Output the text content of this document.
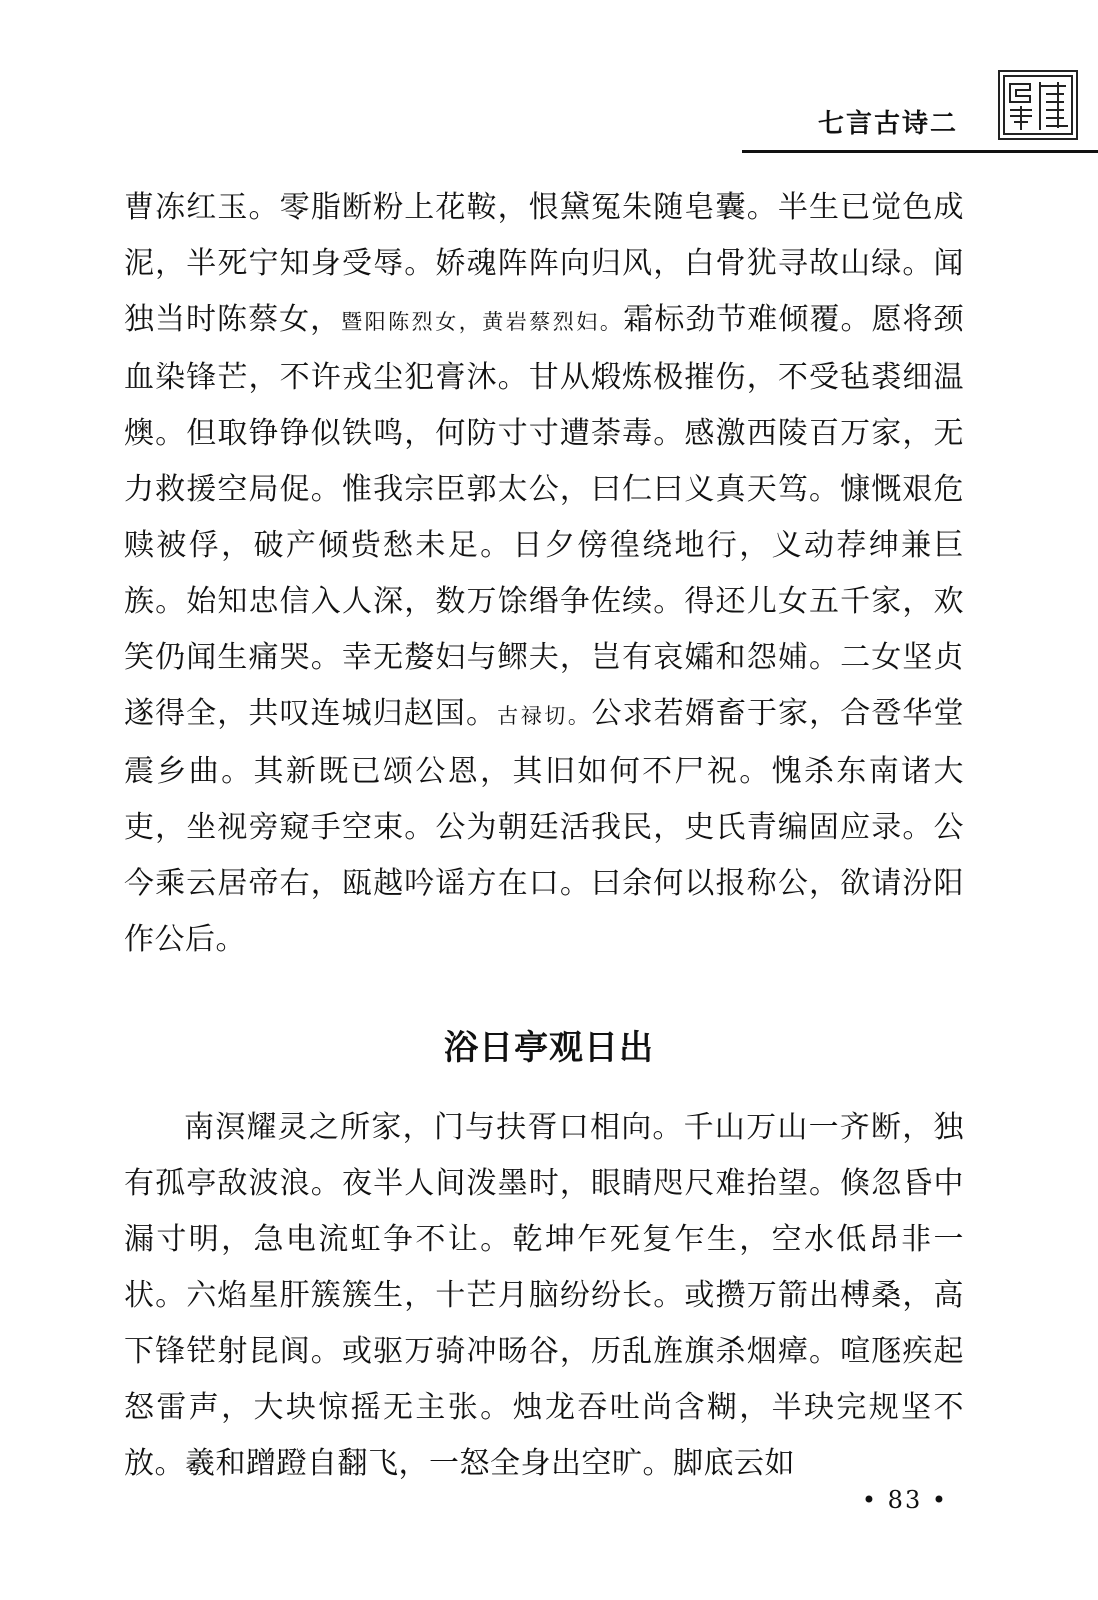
七言古诗二

曹冻红玉。零脂断粉上花鞍，恨黛冤朱随皂囊。半生已觉色成泥，半死宁知身受辱。娇魂阵阵向归风，白骨犹寻故山绿。闻独当时陈蔡女，暨阳陈烈女，黄岩蔡烈妇。霜标劲节难倾覆。愿将颈血染锋芒，不许戎尘犯膏沐。甘从煅炼极摧伤，不受毡裘细温燠。但取铮铮似铁鸣，何防寸寸遭荼毒。感激西陵百万家，无力救援空局促。惟我宗臣郭太公，曰仁曰义真天笃。慷慨艰危赎被俘，破产倾赀愁未足。日夕傍徨绕地行，义动荐绅兼巨族。始知忠信入人深，数万馀缗争佐续。得还儿女五千家，欢笑仍闻生痛哭。幸无嫠妇与鳏夫，岂有哀孀和怨𡜵。二女坚贞遂得全，共叹连城归赵国。古禄切。公求若婿畜于家，合卺华堂震乡曲。其新既已颂公恩，其旧如何不尸祝。愧杀东南诸大吏，坐视旁窥手空束。公为朝廷活我民，史氏青编固应录。公今乘云居帝右，瓯越吟谣方在口。曰余何以报称公，欲请汾阳作公后。

浴日亭观日出

南溟耀灵之所家，门与扶胥口相向。千山万山一齐断，独有孤亭敌波浪。夜半人间泼墨时，眼睛咫尺难抬望。倏忽昏中漏寸明，急电流虹争不让。乾坤乍死复乍生，空水低昂非一状。六焰星肝簇簇生，十芒月脑纷纷长。或攒万箭出榑桑，高下锋铓射昆阆。或驱万骑冲旸谷，历乱旌旗杀烟瘴。喧豗疾起怒雷声，大块惊摇无主张。烛龙吞吐尚含糊，半玦完规坚不放。羲和蹭蹬自翻飞，一怒全身出空旷。脚底云如

• 83 •
